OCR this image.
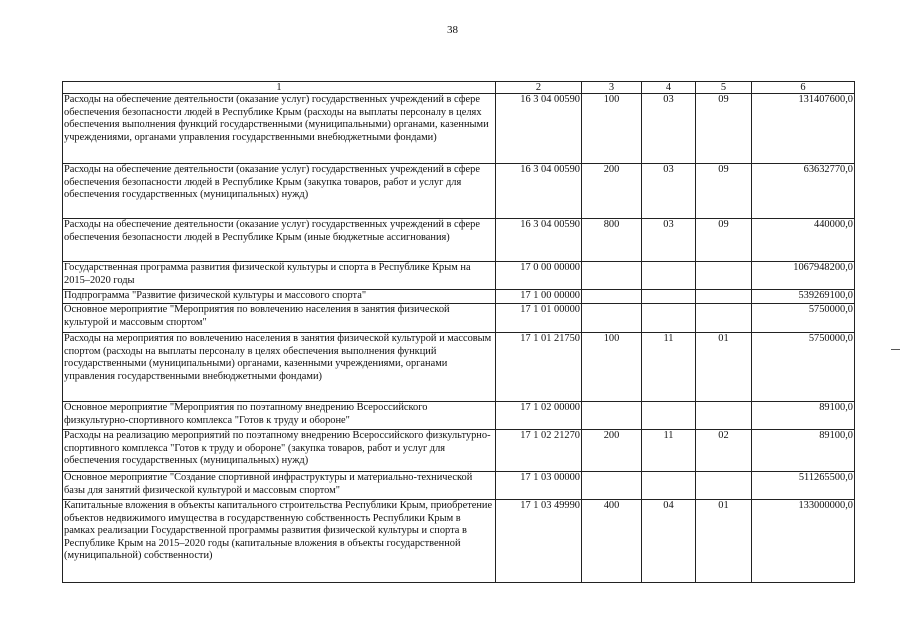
38
1	2	3	4	5	6
Расходы на обеспечение деятельности (оказание услуг) государственных учреждений в сфере обеспечения безопасности людей в Республике Крым (расходы на выплаты персоналу в целях обеспечения выполнения функций государственными (муниципальными) органами, казенными учреждениями, органами управления государственными внебюджетными фондами)	16 3 04 00590	100	03	09	131407600,0
Расходы на обеспечение деятельности (оказание услуг) государственных учреждений в сфере обеспечения безопасности людей в Республике Крым (закупка товаров, работ и услуг для обеспечения государственных (муниципальных) нужд)	16 3 04 00590	200	03	09	63632770,0
Расходы на обеспечение деятельности (оказание услуг) государственных учреждений в сфере обеспечения безопасности людей в Республике Крым (иные бюджетные ассигнования)	16 3 04 00590	800	03	09	440000,0
Государственная программа развития физической культуры и спорта в Республике Крым на 2015–2020 годы	17 0 00 00000				1067948200,0
Подпрограмма "Развитие физической культуры и массового спорта"	17 1 00 00000				539269100,0
Основное мероприятие "Мероприятия по вовлечению населения в занятия физической культурой и массовым спортом"	17 1 01 00000				5750000,0
Расходы на мероприятия по вовлечению населения в занятия физической культурой и массовым спортом (расходы на выплаты персоналу в целях обеспечения выполнения функций государственными (муниципальными) органами, казенными учреждениями, органами управления государственными внебюджетными фондами)	17 1 01 21750	100	11	01	5750000,0
Основное мероприятие "Мероприятия по поэтапному внедрению Всероссийского физкультурно-спортивного комплекса "Готов к труду и обороне"	17 1 02 00000				89100,0
Расходы на реализацию мероприятий по поэтапному внедрению Всероссийского физкультурно-спортивного комплекса "Готов к труду и обороне" (закупка товаров, работ и услуг для обеспечения государственных (муниципальных) нужд)	17 1 02 21270	200	11	02	89100,0
Основное мероприятие "Создание спортивной инфраструктуры и материально-технической базы для занятий физической культурой и массовым спортом"	17 1 03 00000				511265500,0
Капитальные вложения в объекты капитального строительства Республики Крым, приобретение объектов недвижимого имущества в государственную собственность Республики Крым в рамках реализации Государственной программы развития физической культуры и спорта в Республике Крым на 2015–2020 годы (капитальные вложения в объекты государственной (муниципальной) собственности)	17 1 03 49990	400	04	01	133000000,0
